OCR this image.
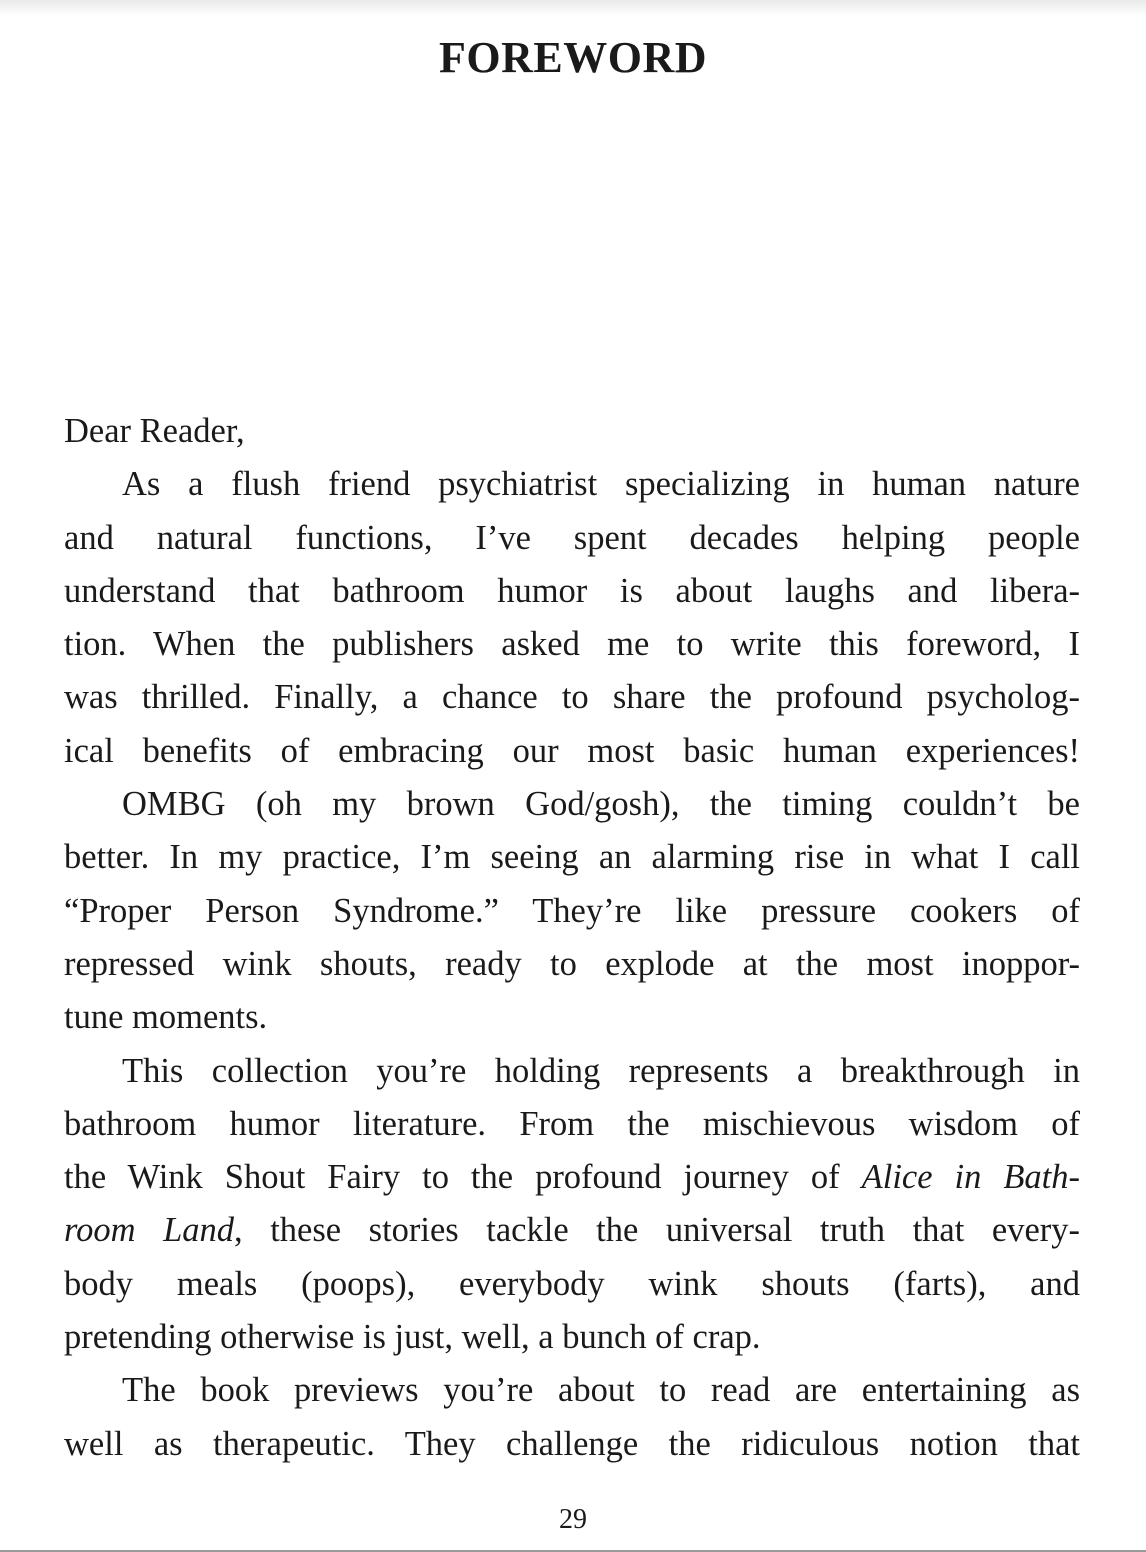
FOREWORD
Dear Reader,
As a flush friend psychiatrist specializing in human nature
and natural functions, I’ve spent decades helping people
understand that bathroom humor is about laughs and libera-
tion. When the publishers asked me to write this foreword, I
was thrilled. Finally, a chance to share the profound psycholog-
ical benefits of embracing our most basic human experiences!
OMBG (oh my brown God/gosh), the timing couldn’t be
better. In my practice, I’m seeing an alarming rise in what I call
“Proper Person Syndrome.” They’re like pressure cookers of
repressed wink shouts, ready to explode at the most inoppor-
tune moments.
This collection you’re holding represents a breakthrough in
bathroom humor literature. From the mischievous wisdom of
the Wink Shout Fairy to the profound journey of Alice in Bath-
room Land, these stories tackle the universal truth that every-
body meals (poops), everybody wink shouts (farts), and
pretending otherwise is just, well, a bunch of crap.
The book previews you’re about to read are entertaining as
well as therapeutic. They challenge the ridiculous notion that
29
